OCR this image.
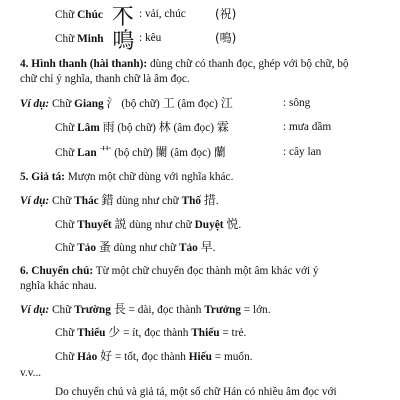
Chữ Chúc 𣎴 : vải, chúc (祝)
Chữ Minh 鳴 : kêu	(鳴)
4. Hình thanh (hài thanh): dùng chữ có thanh đọc, ghép với bộ chữ, bộ
chữ chỉ ý nghĩa, thanh chữ là âm đọc.
Ví dụ: Chữ Giang 氵 (bộ chữ) 工 (âm đọc) 江	: sông
Chữ Lâm 雨 (bộ chữ) 林 (âm đọc) 霖	: mưa dầm
Chữ Lan 艹 (bộ chữ) 闌 (âm đọc) 蘭	: cây lan
5. Giả tá: Mượn một chữ dùng với nghĩa khác.
Ví dụ: Chữ Thác 錯 dùng như chữ Thố 措.
Chữ Thuyết 説 dùng như chữ Duyệt 悦.
Chữ Tảo 蚤 dùng như chữ Tảo 早.
6. Chuyển chú: Từ một chữ chuyển đọc thành một âm khác với ý
nghĩa khác nhau.
Ví dụ: Chữ Trường 長 = dài, đọc thành Trưởng = lớn.
Chữ Thiểu 少 = ít, đọc thành Thiếu = trẻ.
Chữ Hảo 好 = tốt, đọc thành Hiếu = muốn.
v.v...
Do chuyển chú và giả tá, một số chữ Hán có nhiều âm đọc với
